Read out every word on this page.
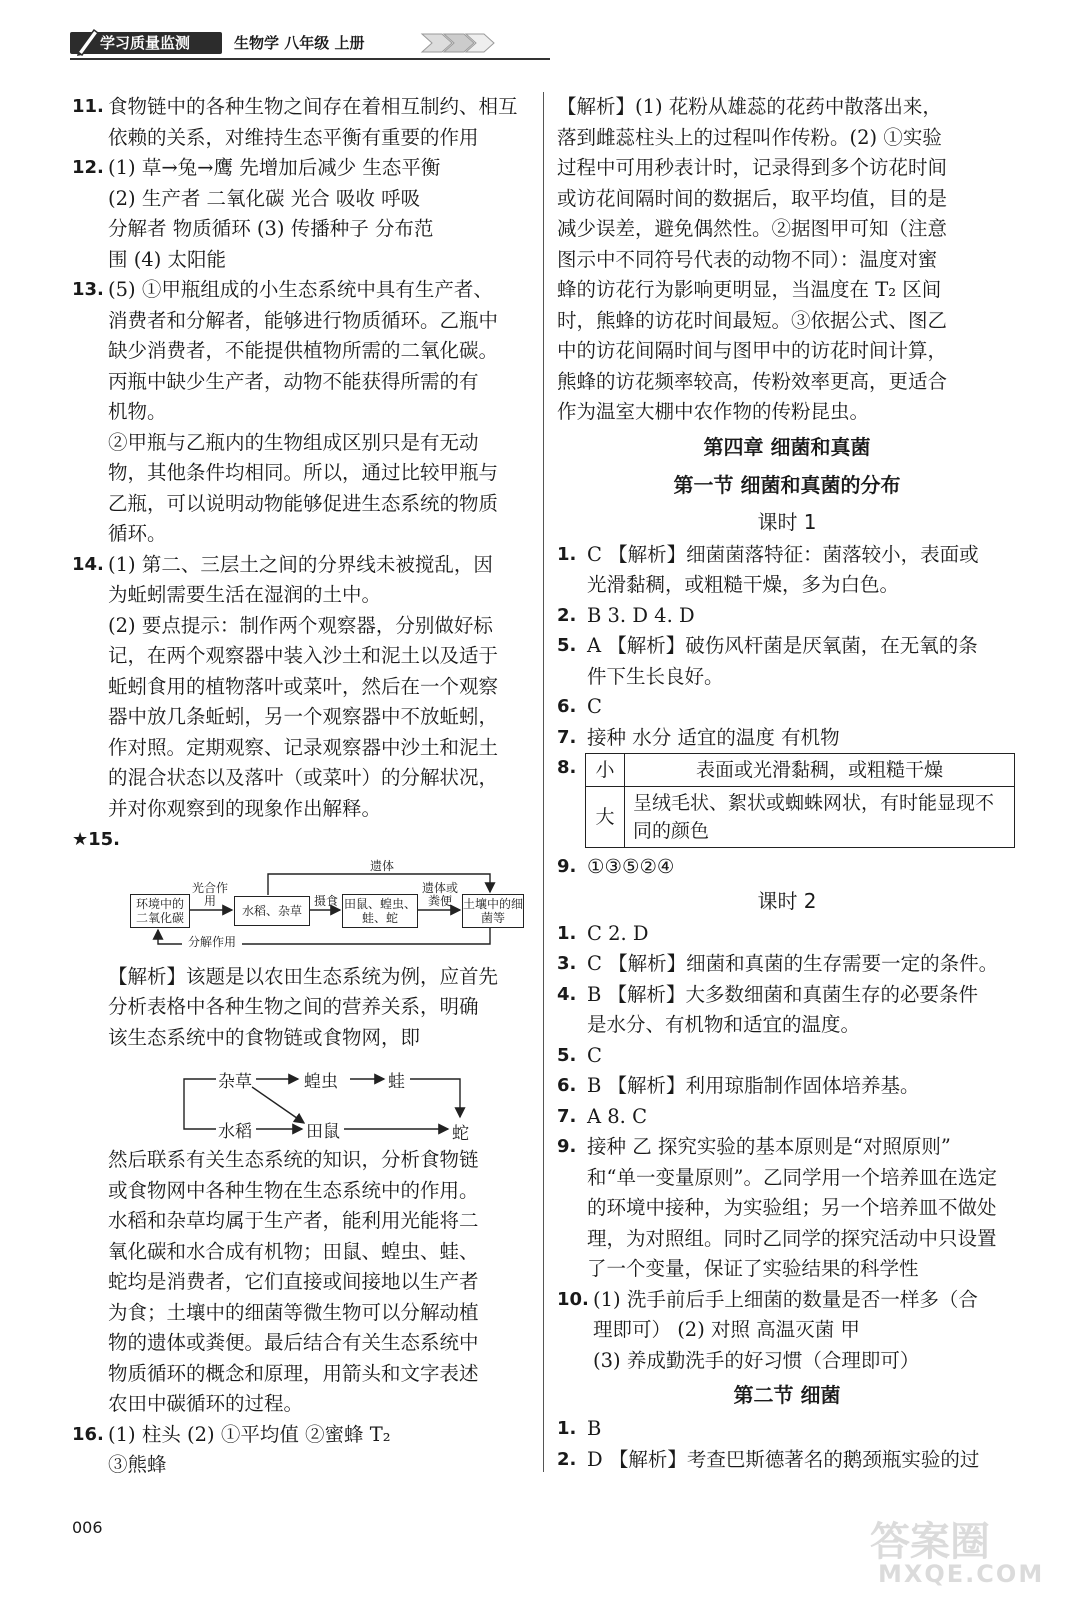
学习质量监测	生物学 八年级 上册
11. 食物链中的各种生物之间存在着相互制约、相互依赖的关系，对维持生态平衡有重要的作用

12. (1) 草→兔→鹰 先增加后减少 生态平衡

(2) 生产者 二氧化碳 光合 吸收 呼吸

分解者 物质循环 (3) 传播种子 分布范

围 (4) 太阳能

13. (5) ①甲瓶组成的小生态系统中具有生产者、

消费者和分解者，能够进行物质循环。乙瓶中

缺少消费者，不能提供植物所需的二氧化碳。

丙瓶中缺少生产者，动物不能获得所需的有

机物。

②甲瓶与乙瓶内的生物组成区别只是有无动

物，其他条件均相同。所以，通过比较甲瓶与

乙瓶，可以说明动物能够促进生态系统的物质

循环。

14. (1) 第二、三层土之间的分界线未被搅乱，因

为蚯蚓需要生活在湿润的土中。

(2) 要点提示：制作两个观察器，分别做好标

记，在两个观察器中装入沙土和泥土以及适于

蚯蚓食用的植物落叶或菜叶，然后在一个观察

器中放几条蚯蚓，另一个观察器中不放蚯蚓，

作对照。定期观察、记录观察器中沙土和泥土

的混合状态以及落叶（或菜叶）的分解状况，

并对你观察到的现象作出解释。

★15.

环境中的二氧化碳	水稻、杂草	田鼠、蝗虫、蛙、蛇
土壤中的细菌等
光合作用	摄食
遗体或粪便
遗体
分解作用

【解析】该题是以农田生态系统为例，应首先

分析表格中各种生物之间的营养关系，明确

该生态系统中的食物链或食物网，即

杂草	蝗虫	蛙
水稻	田鼠	蛇

然后联系有关生态系统的知识，分析食物链

或食物网中各种生物在生态系统中的作用。

水稻和杂草均属于生产者，能利用光能将二

氧化碳和水合成有机物；田鼠、蝗虫、蛙、

蛇均是消费者，它们直接或间接地以生产者

为食；土壤中的细菌等微生物可以分解动植

物的遗体或粪便。最后结合有关生态系统中

物质循环的概念和原理，用箭头和文字表述

农田中碳循环的过程。

16. (1) 柱头 (2) ①平均值 ②蜜蜂 T₂

③熊蜂

【解析】(1) 花粉从雄蕊的花药中散落出来，

落到雌蕊柱头上的过程叫作传粉。(2) ①实验

过程中可用秒表计时，记录得到多个访花时间

或访花间隔时间的数据后，取平均值，目的是

减少误差，避免偶然性。②据图甲可知（注意

图示中不同符号代表的动物不同）：温度对蜜

蜂的访花行为影响更明显，当温度在 T₂ 区间

时，熊蜂的访花时间最短。③依据公式、图乙

中的访花间隔时间与图甲中的访花时间计算，

熊蜂的访花频率较高，传粉效率更高，更适合

作为温室大棚中农作物的传粉昆虫。

第四章 细菌和真菌
第一节 细菌和真菌的分布
课时 1
1. C 【解析】细菌菌落特征：菌落较小，表面或

光滑黏稠，或粗糙干燥，多为白色。

2. B 3. D 4. D

5. A 【解析】破伤风杆菌是厌氧菌，在无氧的条

件下生长良好。

6. C

7. 接种 水分 适宜的温度 有机物

8. 小	表面或光滑黏稠，或粗糙干燥
大	呈绒毛状、絮状或蜘蛛网状，有时能显现不同的颜色
9. ①③⑤②④

课时 2
1. C 2. D

3. C 【解析】细菌和真菌的生存需要一定的条件。

4. B 【解析】大多数细菌和真菌生存的必要条件

是水分、有机物和适宜的温度。

5. C

6. B 【解析】利用琼脂制作固体培养基。

7. A 8. C

9. 接种 乙 探究实验的基本原则是“对照原则”

和“单一变量原则”。乙同学用一个培养皿在选定

的环境中接种，为实验组；另一个培养皿不做处

理，为对照组。同时乙同学的探究活动中只设置

了一个变量，保证了实验结果的科学性

10. (1) 洗手前后手上细菌的数量是否一样多（合

理即可） (2) 对照 高温灭菌 甲

(3) 养成勤洗手的好习惯（合理即可）

第二节 细菌
1. B

2. D 【解析】考查巴斯德著名的鹅颈瓶实验的过

006	答案圈
MXQE.COM
